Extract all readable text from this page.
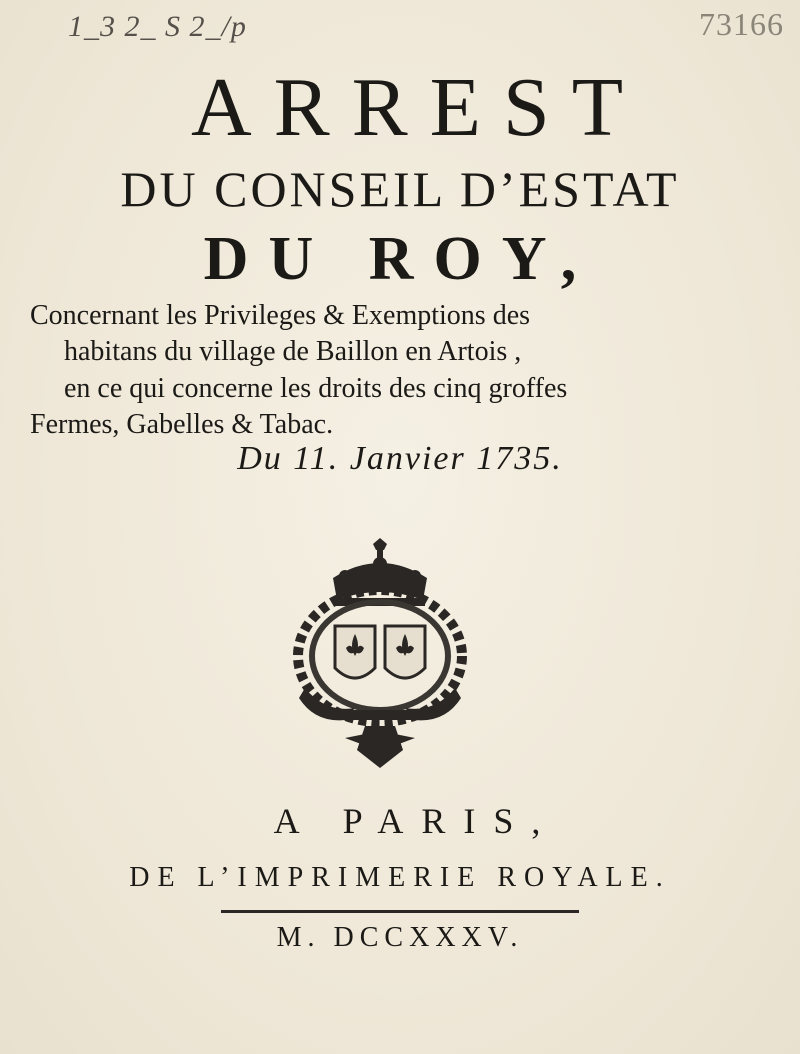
1_3 2_ S 2_/p	73166
ARREST
DU CONSEIL D’ESTAT
DU ROY,

Concernant les Privileges & Exemptions des

habitans du village de Baillon en Artois ,

en ce qui concerne les droits des cinq groffes

Fermes, Gabelles & Tabac.

Du 11. Janvier 1735.
A PARIS,
DE L’IMPRIMERIE ROYALE.
M. DCCXXXV.
